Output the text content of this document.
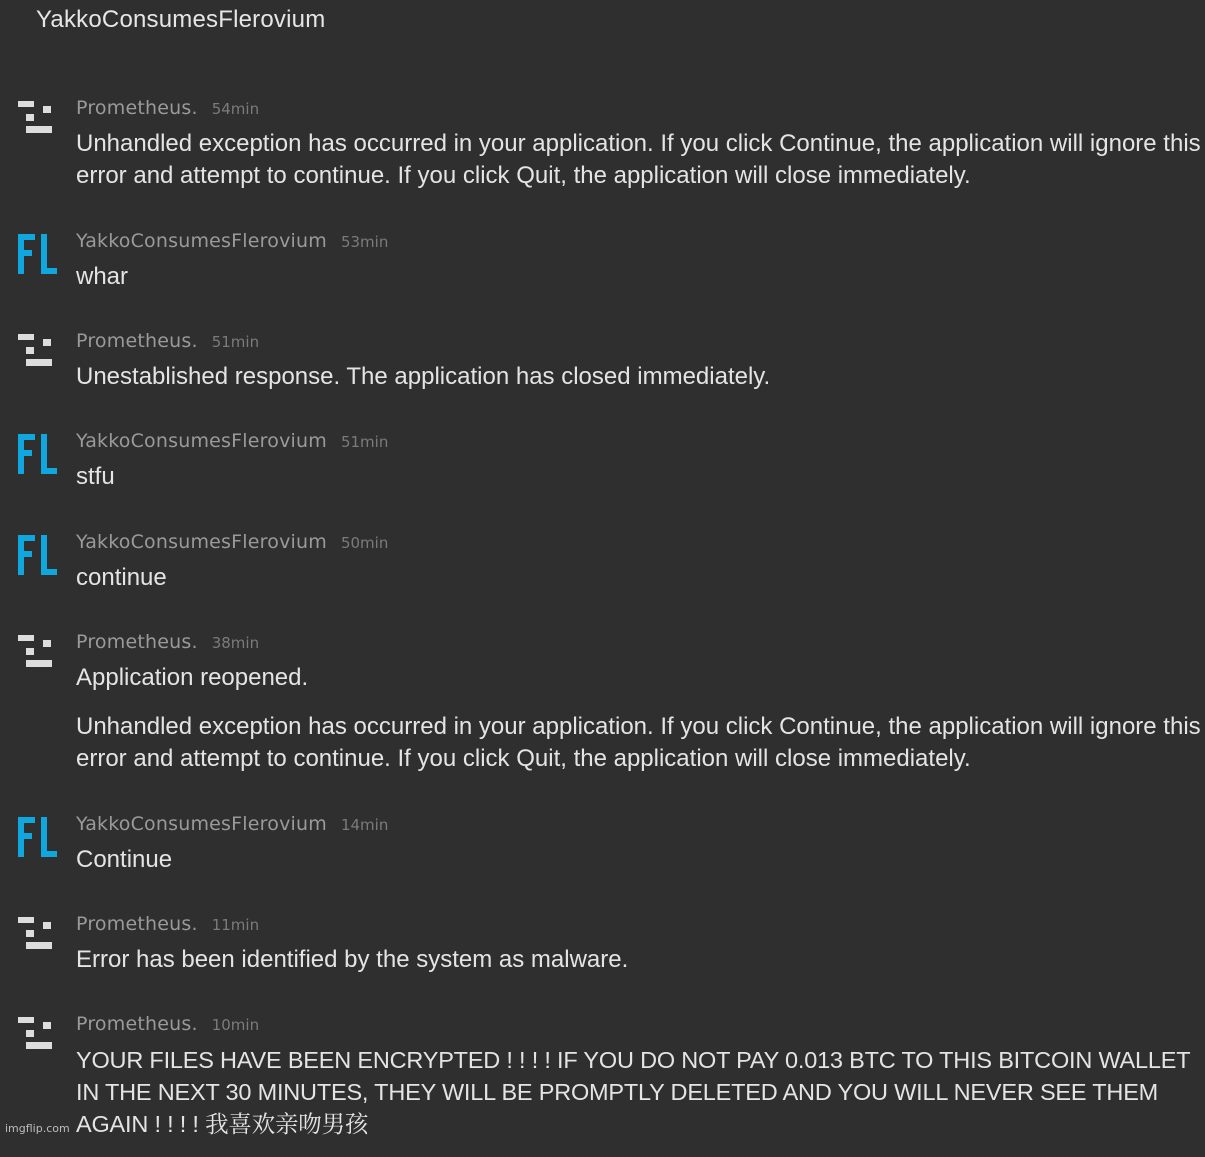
YakkoConsumesFlerovium
Prometheus. 54min

Unhandled exception has occurred in your application. If you click Continue, the application will ignore this error and attempt to continue. If you click Quit, the application will close immediately.

YakkoConsumesFlerovium 53min

whar

Prometheus. 51min

Unestablished response. The application has closed immediately.

YakkoConsumesFlerovium 51min

stfu

YakkoConsumesFlerovium 50min

continue

Prometheus. 38min

Application reopened.

Unhandled exception has occurred in your application. If you click Continue, the application will ignore this error and attempt to continue. If you click Quit, the application will close immediately.

YakkoConsumesFlerovium 14min

Continue

Prometheus. 11min

Error has been identified by the system as malware.

Prometheus. 10min

YOUR FILES HAVE BEEN ENCRYPTED ! ! ! ! IF YOU DO NOT PAY 0.013 BTC TO THIS BITCOIN WALLET IN THE NEXT 30 MINUTES, THEY WILL BE PROMPTLY DELETED AND YOU WILL NEVER SEE THEM AGAIN ! ! ! ! 我喜欢亲吻男孩

imgflip.com
